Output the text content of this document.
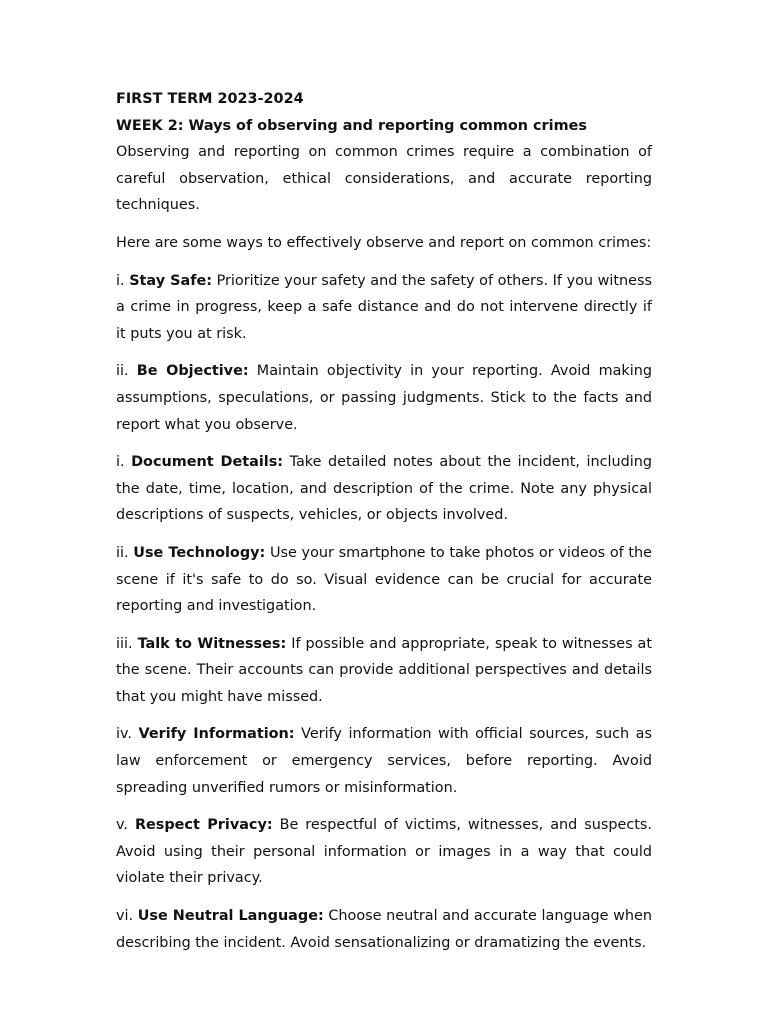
FIRST TERM 2023-2024

WEEK 2: Ways of observing and reporting common crimes

Observing and reporting on common crimes require a combination of careful observation, ethical considerations, and accurate reporting techniques.

Here are some ways to effectively observe and report on common crimes:

i. Stay Safe: Prioritize your safety and the safety of others. If you witness a crime in progress, keep a safe distance and do not intervene directly if it puts you at risk.

ii. Be Objective: Maintain objectivity in your reporting. Avoid making assumptions, speculations, or passing judgments. Stick to the facts and report what you observe.

i. Document Details: Take detailed notes about the incident, including the date, time, location, and description of the crime. Note any physical descriptions of suspects, vehicles, or objects involved.

ii. Use Technology: Use your smartphone to take photos or videos of the scene if it's safe to do so. Visual evidence can be crucial for accurate reporting and investigation.

iii. Talk to Witnesses: If possible and appropriate, speak to witnesses at the scene. Their accounts can provide additional perspectives and details that you might have missed.

iv. Verify Information: Verify information with official sources, such as law enforcement or emergency services, before reporting. Avoid spreading unverified rumors or misinformation.

v. Respect Privacy: Be respectful of victims, witnesses, and suspects. Avoid using their personal information or images in a way that could violate their privacy.

vi. Use Neutral Language: Choose neutral and accurate language when describing the incident. Avoid sensationalizing or dramatizing the events.
